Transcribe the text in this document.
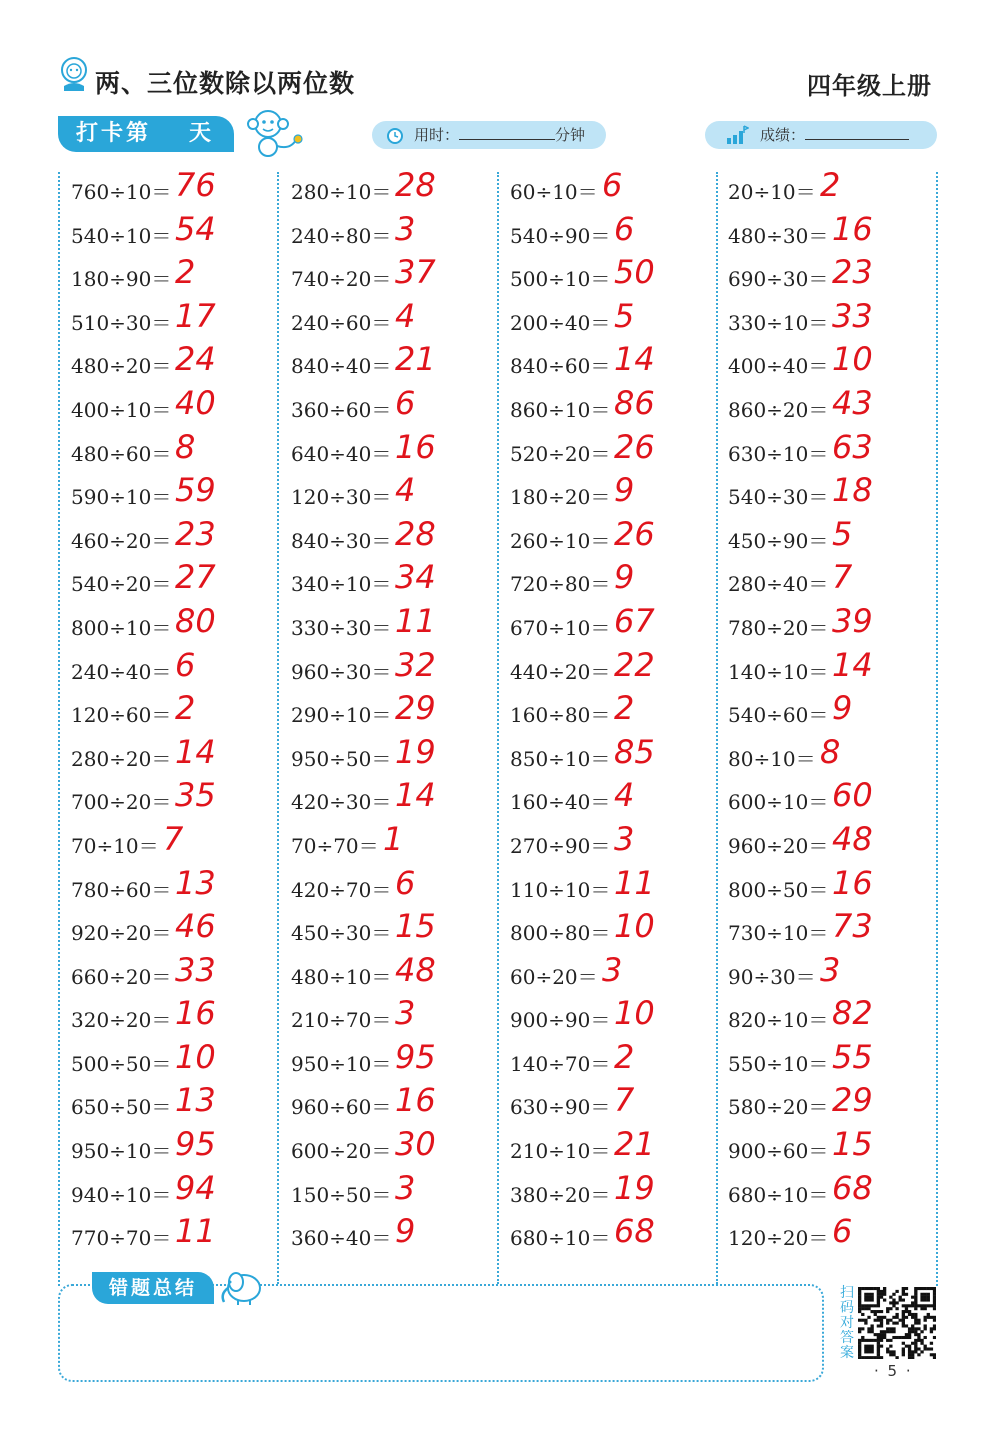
两、三位数除以两位数	四年级上册
打卡第 天	用时：	分钟	成绩：
760÷10＝ 76
540÷10＝ 54
180÷90＝ 2
510÷30＝ 17
480÷20＝ 24
400÷10＝ 40
480÷60＝ 8
590÷10＝ 59
460÷20＝ 23
540÷20＝ 27
800÷10＝ 80
240÷40＝ 6
120÷60＝ 2
280÷20＝ 14
700÷20＝ 35
70÷10＝ 7
780÷60＝ 13
920÷20＝ 46
660÷20＝ 33
320÷20＝ 16
500÷50＝ 10
650÷50＝ 13
950÷10＝ 95
940÷10＝ 94
770÷70＝ 11
280÷10＝ 28
240÷80＝ 3
740÷20＝ 37
240÷60＝ 4
840÷40＝ 21
360÷60＝ 6
640÷40＝ 16
120÷30＝ 4
840÷30＝ 28
340÷10＝ 34
330÷30＝ 11
960÷30＝ 32
290÷10＝ 29
950÷50＝ 19
420÷30＝ 14
70÷70＝ 1
420÷70＝ 6
450÷30＝ 15
480÷10＝ 48
210÷70＝ 3
950÷10＝ 95
960÷60＝ 16
600÷20＝ 30
150÷50＝ 3
360÷40＝ 9
60÷10＝ 6
540÷90＝ 6
500÷10＝ 50
200÷40＝ 5
840÷60＝ 14
860÷10＝ 86
520÷20＝ 26
180÷20＝ 9
260÷10＝ 26
720÷80＝ 9
670÷10＝ 67
440÷20＝ 22
160÷80＝ 2
850÷10＝ 85
160÷40＝ 4
270÷90＝ 3
110÷10＝ 11
800÷80＝ 10
60÷20＝ 3
900÷90＝ 10
140÷70＝ 2
630÷90＝ 7
210÷10＝ 21
380÷20＝ 19
680÷10＝ 68
20÷10＝ 2
480÷30＝ 16
690÷30＝ 23
330÷10＝ 33
400÷40＝ 10
860÷20＝ 43
630÷10＝ 63
540÷30＝ 18
450÷90＝ 5
280÷40＝ 7
780÷20＝ 39
140÷10＝ 14
540÷60＝ 9
80÷10＝ 8
600÷10＝ 60
960÷20＝ 48
800÷50＝ 16
730÷10＝ 73
90÷30＝ 3
820÷10＝ 82
550÷10＝ 55
580÷20＝ 29
900÷60＝ 15
680÷10＝ 68
120÷20＝ 6
错题总结	扫
码
对
答
案
· 5 ·
